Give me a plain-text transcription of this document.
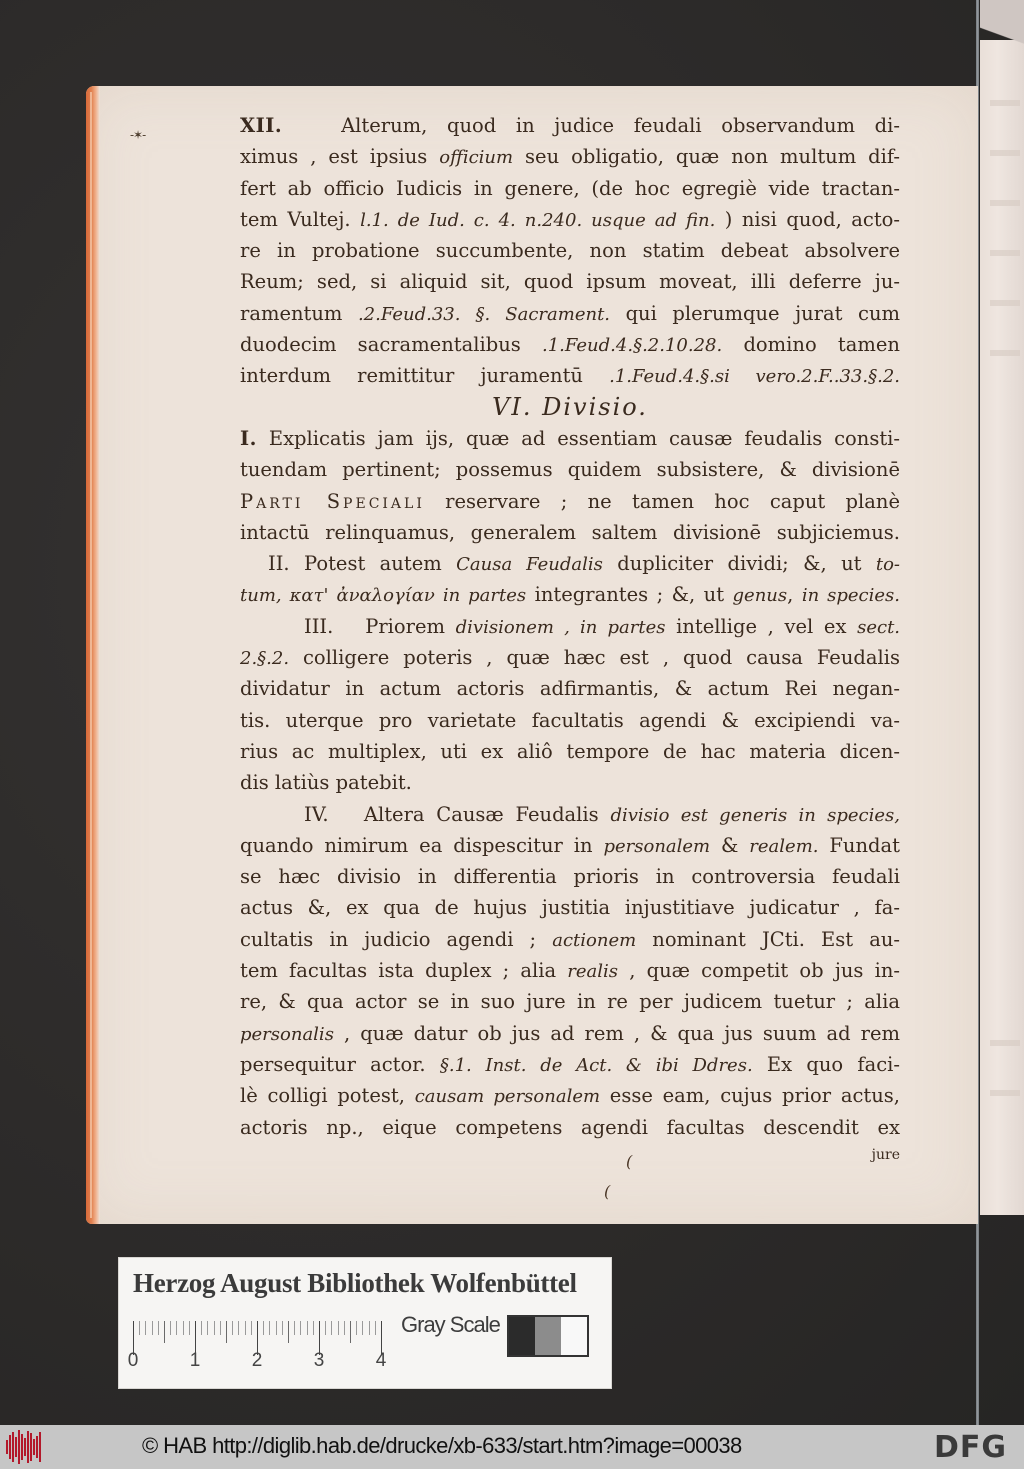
-✶-	XII.	Alterum, quod in judice feudali observandum di-
ximus , est ipsius officium seu obligatio, quæ non multum dif-
fert ab officio Iudicis in genere, (de hoc egregiè vide tractan-
tem Vultej. l.1. de Iud. c. 4. n.240. usque ad fin. ) nisi quod, acto-
re in probatione succumbente, non statim debeat absolvere
Reum; sed, si aliquid sit, quod ipsum moveat, illi deferre ju-
ramentum .2.Feud.33. §. Sacrament. qui plerumque jurat cum
duodecim sacramentalibus .1.Feud.4.§.2.10.28. domino tamen
interdum remittitur juramentū .1.Feud.4.§.si vero.2.F..33.§.2.
VI. Divisio.
I. Explicatis jam ijs, quæ ad essentiam causæ feudalis consti-
tuendam pertinent; possemus quidem subsistere, & divisionē
Parti Speciali reservare ; ne tamen hoc caput planè
intactū relinquamus, generalem saltem divisionē subjiciemus.
II. Potest autem Causa Feudalis dupliciter dividi; &, ut to-
tum, κατ' ἀναλογίαν in partes integrantes ; &, ut genus, in species.
III. Priorem divisionem , in partes intellige , vel ex sect.
2.§.2. colligere poteris , quæ hæc est , quod causa Feudalis
dividatur in actum actoris adfirmantis, & actum Rei negan-
tis. uterque pro varietate facultatis agendi & excipiendi va-
rius ac multiplex, uti ex aliô tempore de hac materia dicen-
dis latiùs patebit.
IV. Altera Causæ Feudalis divisio est generis in species,
quando nimirum ea dispescitur in personalem & realem. Fundat
se hæc divisio in differentia prioris in controversia feudali
actus &, ex qua de hujus justitia injustitiave judicatur , fa-
cultatis in judicio agendi ; actionem nominant JCti. Est au-
tem facultas ista duplex ; alia realis , quæ competit ob jus in-
re, & qua actor se in suo jure in re per judicem tuetur ; alia
personalis , quæ datur ob jus ad rem , & qua jus suum ad rem
persequitur actor. §.1. Inst. de Act. & ibi Ddres. Ex quo faci-
lè colligi potest, causam personalem esse eam, cujus prior actus,
actoris np., eique competens agendi facultas descendit ex
jure
(
(
Herzog August Bibliothek Wolfenbüttel
0	1	2	3	4
Gray Scale
© HAB http://diglib.hab.de/drucke/xb-633/start.htm?image=00038	DFG
